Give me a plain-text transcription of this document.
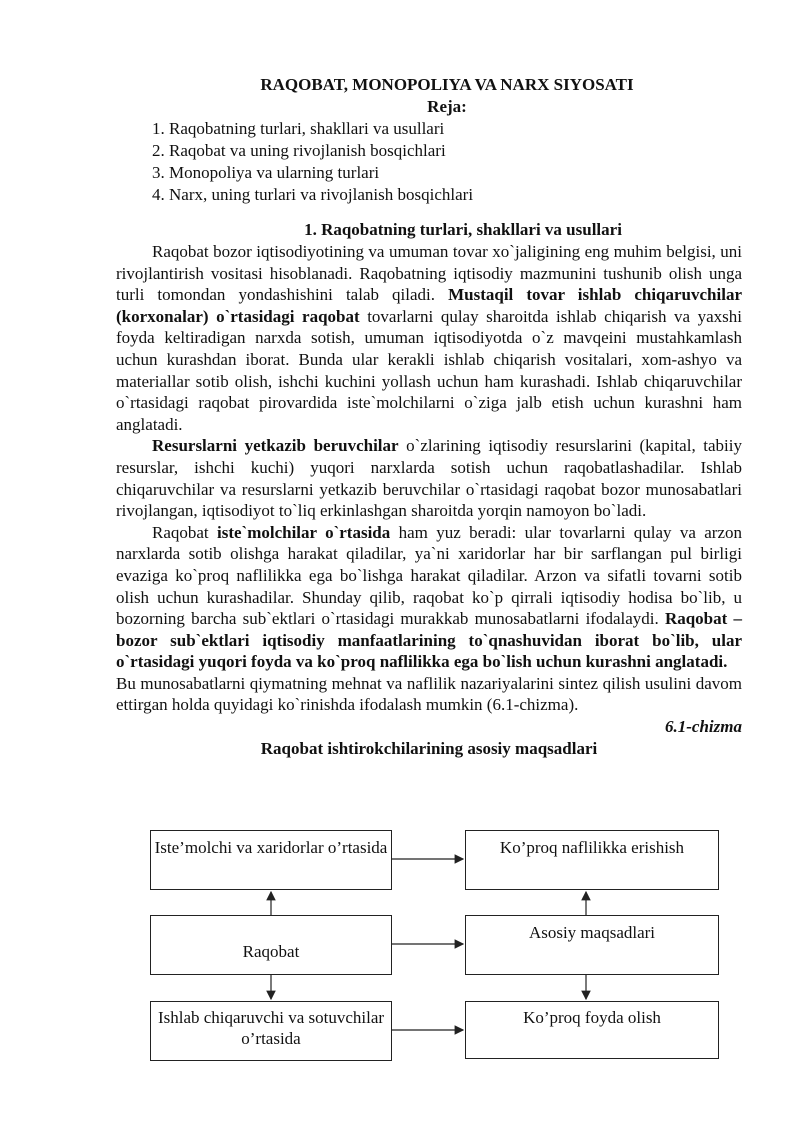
RAQOBAT, MONOPOLIYA VA NARX SIYOSATI

Reja:

1. Raqobatning turlari, shakllari va usullari
2. Raqobat va uning rivojlanish bosqichlari
3. Monopoliya va ularning turlari
4. Narx, uning turlari va rivojlanish bosqichlari

1. Raqobatning turlari, shakllari va usullari

Raqobat bozor iqtisodiyotining va umuman tovar xo`jaligining eng muhim belgisi, uni rivojlantirish vositasi hisoblanadi. Raqobatning iqtisodiy mazmunini tushunib olish unga turli tomondan yondashishini talab qiladi. Mustaqil tovar ishlab chiqaruvchilar (korxonalar) o`rtasidagi raqobat tovarlarni qulay sharoitda ishlab chiqarish va yaxshi foyda keltiradigan narxda sotish, umuman iqtisodiyotda o`z mavqeini mustahkamlash uchun kurashdan iborat. Bunda ular kerakli ishlab chiqarish vositalari, xom-ashyo va materiallar sotib olish, ishchi kuchini yollash uchun ham kurashadi. Ishlab chiqaruvchilar o`rtasidagi raqobat pirovardida iste`molchilarni o`ziga jalb etish uchun kurashni ham anglatadi.

Resurslarni yetkazib beruvchilar o`zlarining iqtisodiy resurslarini (kapital, tabiiy resurslar, ishchi kuchi) yuqori narxlarda sotish uchun raqobatlashadilar. Ishlab chiqaruvchilar va resurslarni yetkazib beruvchilar o`rtasidagi raqobat bozor munosabatlari rivojlangan, iqtisodiyot to`liq erkinlashgan sharoitda yorqin namoyon bo`ladi.

Raqobat iste`molchilar o`rtasida ham yuz beradi: ular tovarlarni qulay va arzon narxlarda sotib olishga harakat qiladilar, ya`ni xaridorlar har bir sarflangan pul birligi evaziga ko`proq naflilikka ega bo`lishga harakat qiladilar. Arzon va sifatli tovarni sotib olish uchun kurashadilar. Shunday qilib, raqobat ko`p qirrali iqtisodiy hodisa bo`lib, u bozorning barcha sub`ektlari o`rtasidagi murakkab munosabatlarni ifodalaydi. Raqobat – bozor sub`ektlari iqtisodiy manfaatlarining to`qnashuvidan iborat bo`lib, ular o`rtasidagi yuqori foyda va ko`proq naflilikka ega bo`lish uchun kurashni anglatadi.

Bu munosabatlarni qiymatning mehnat va naflilik nazariyalarini sintez qilish usulini davom ettirgan holda quyidagi ko`rinishda ifodalash mumkin (6.1-chizma).

6.1-chizma

Raqobat ishtirokchilarining asosiy maqsadlari

Iste’molchi va xaridorlar o’rtasida
Raqobat
Ishlab chiqaruvchi va sotuvchilar o’rtasida
Ko’proq naflilikka erishish
Asosiy maqsadlari
Ko’proq foyda olish
